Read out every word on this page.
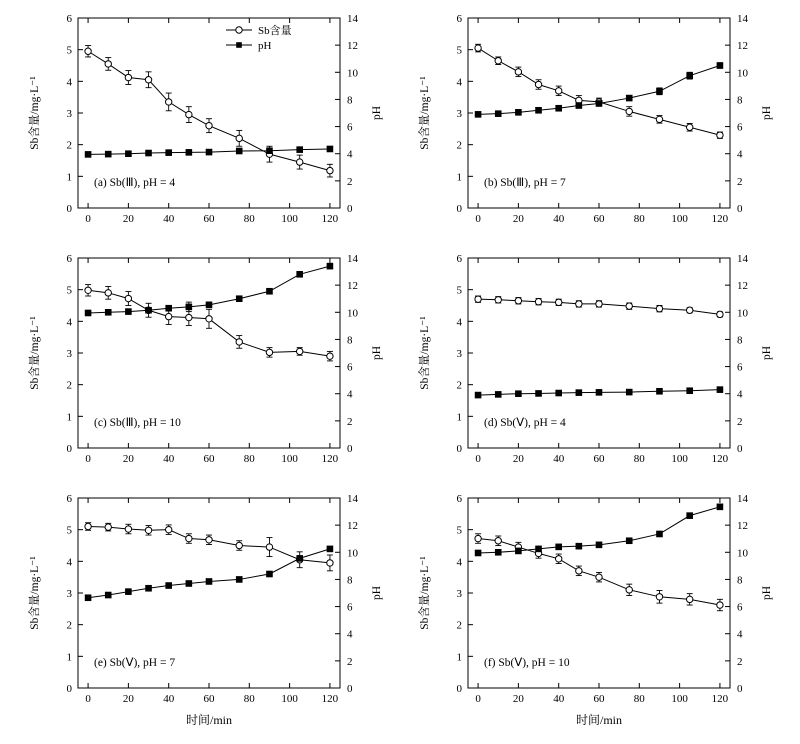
0	20	40	60	80 100 120
0
1
2
3
4
5
6
0
2
4
6
8
10
12
14
Sb含量/mg·L⁻¹	pH
(a) Sb(Ⅲ), pH = 4
0	20	40	60	80 100 120
0
1
2
3
4
5
6
0
2
4
6
8
10
12
14
Sb含量/mg·L⁻¹	pH
(b) Sb(Ⅲ), pH = 7
0	20	40	60	80 100 120
0
1
2
3
4
5
6
0
2
4
6
8
10
12
14
Sb含量/mg·L⁻¹	pH
(c) Sb(Ⅲ), pH = 10
0	20	40	60	80 100 120
0
1
2
3
4
5
6
0
2
4
6
8
10
12
14
Sb含量/mg·L⁻¹	pH
(d) Sb(Ⅴ), pH = 4
0	20	40	60	80 100 120
0
1
2
3
4
5
6
0
2
4
6
8
10
12
14
Sb含量/mg·L⁻¹	pH
(e) Sb(Ⅴ), pH = 7
0	20	40	60	80 100 120
0
1
2
3
4
5
6
0
2
4
6
8
10
12
14
Sb含量/mg·L⁻¹	pH
(f) Sb(Ⅴ), pH = 10
Sb含量
pH
时间/min	时间/min
